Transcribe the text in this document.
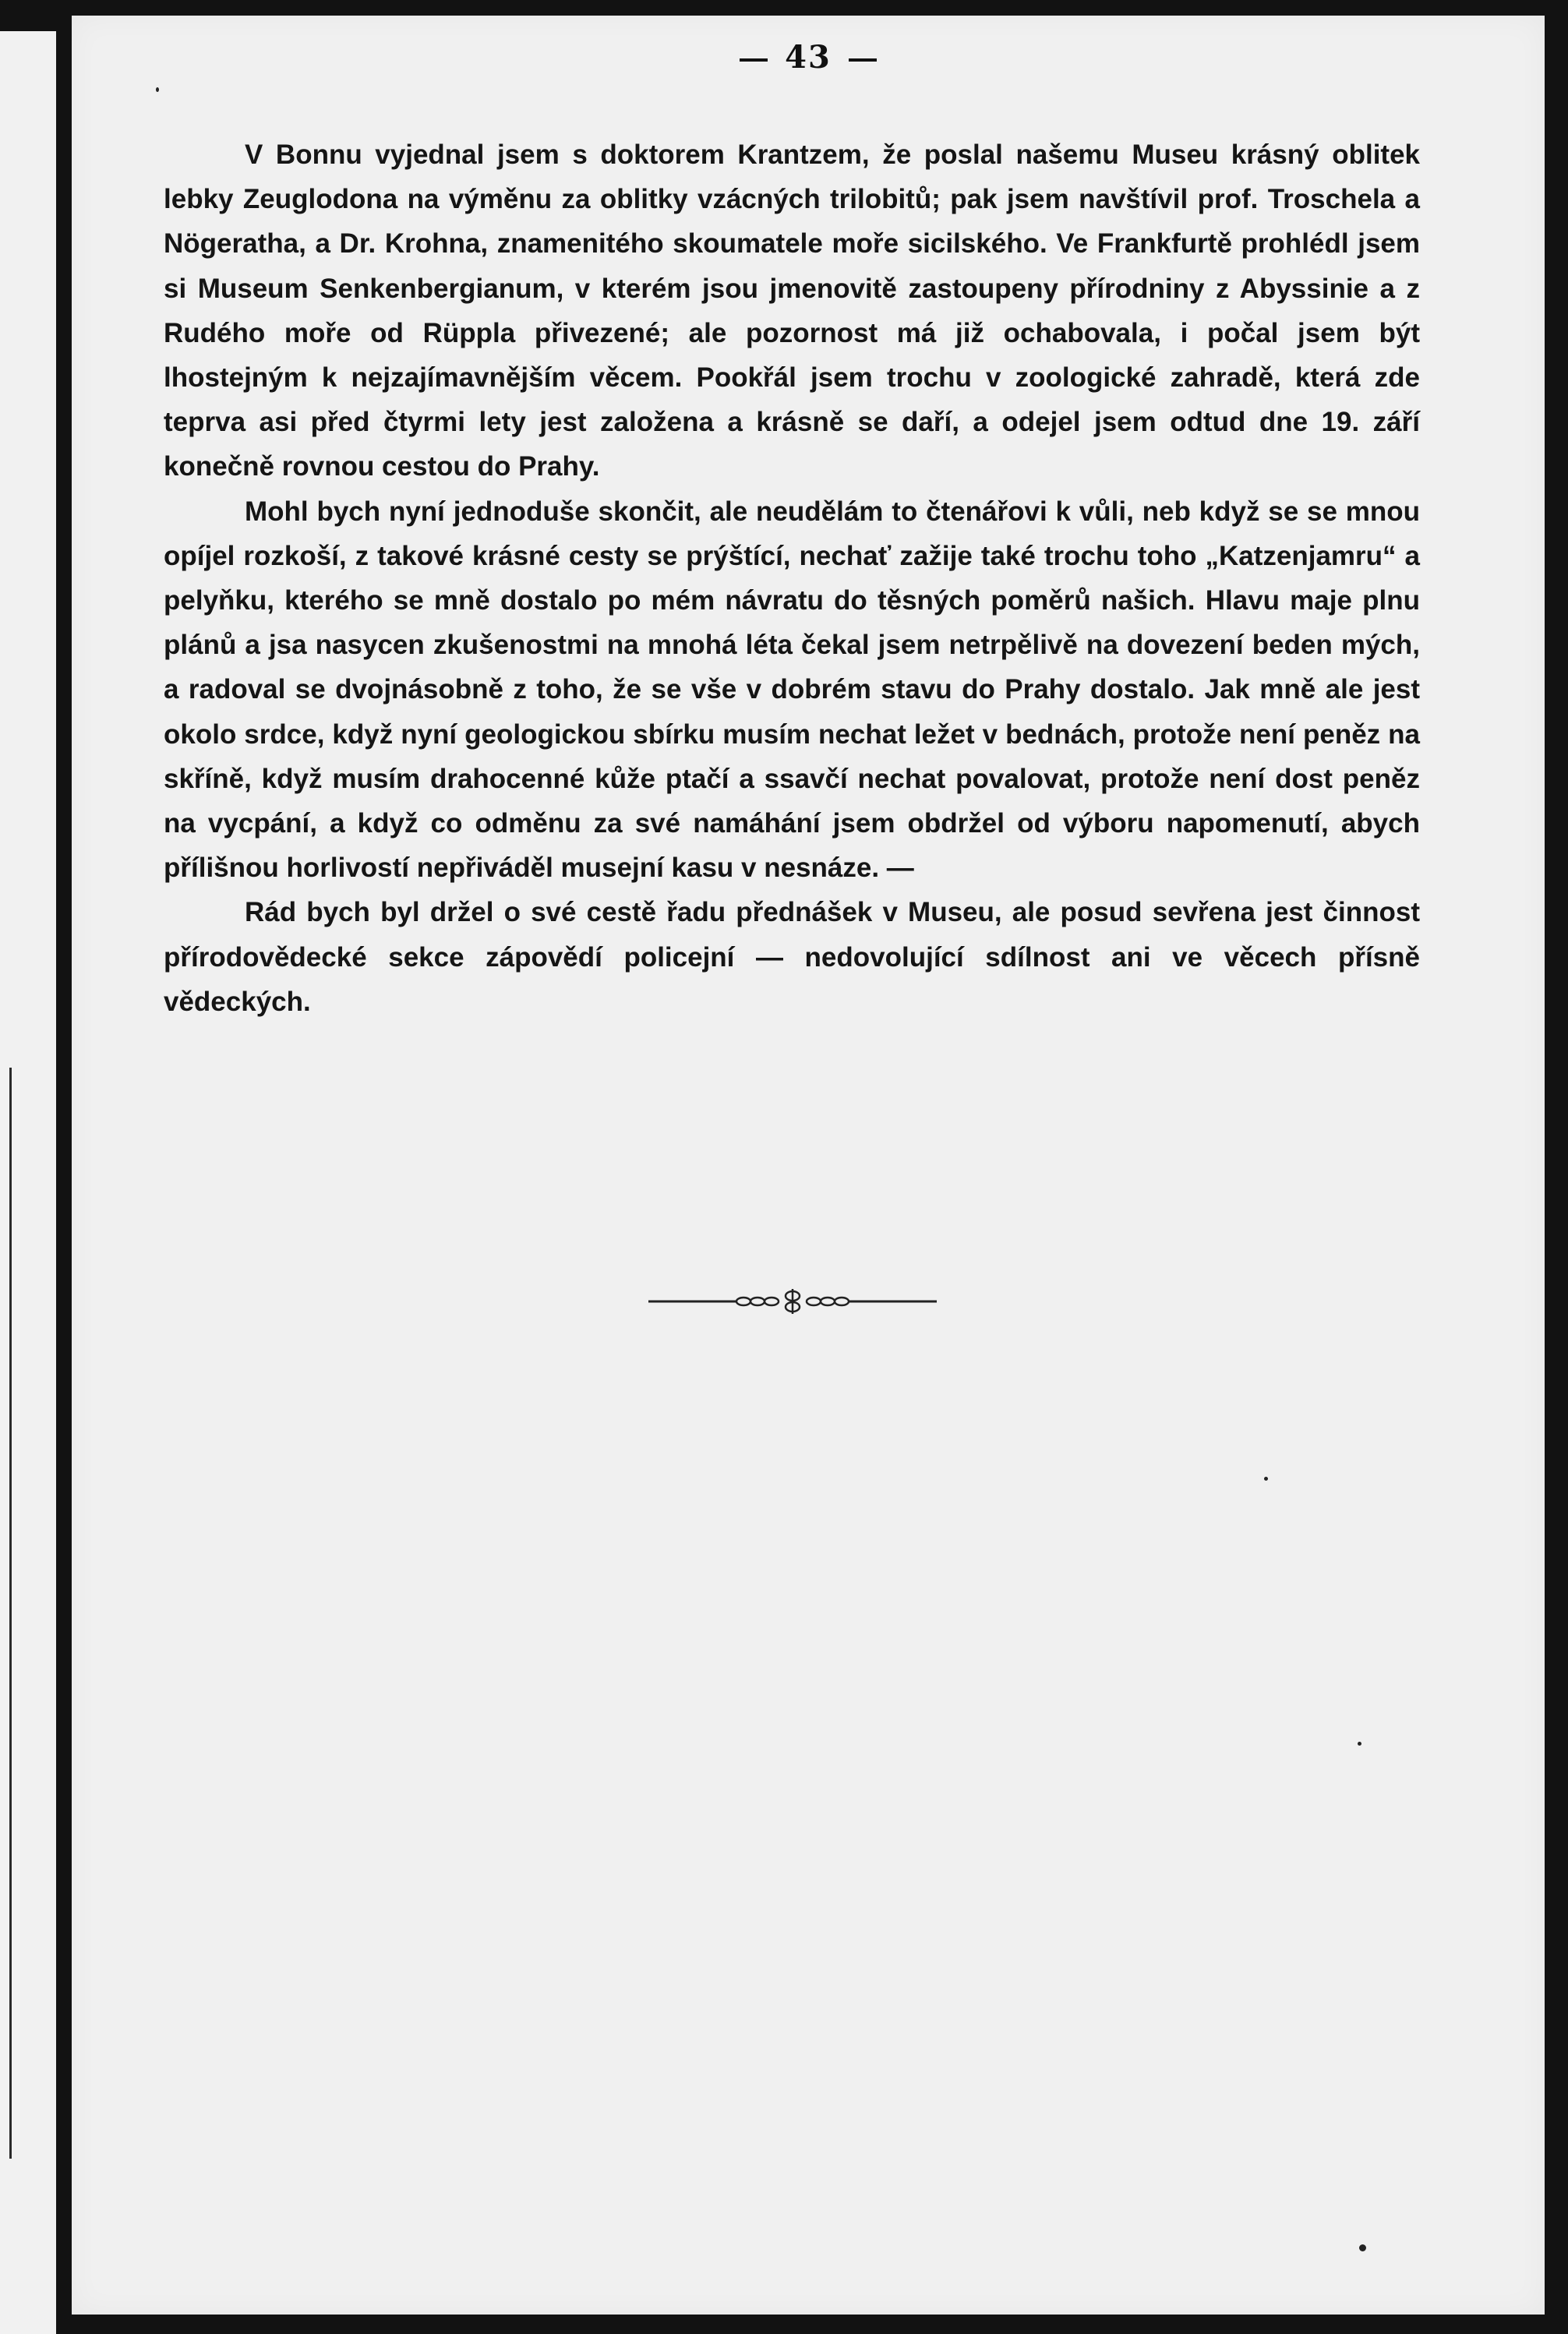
43

V Bonnu vyjednal jsem s doktorem Krantzem, že poslal našemu Museu krásný oblitek lebky Zeuglodona na výměnu za oblitky vzácných trilobitů; pak jsem navštívil prof. Troschela a Nögeratha, a Dr. Krohna, znamenitého skoumatele moře sicilského. Ve Frankfurtě prohlédl jsem si Museum Senkenbergianum, v kterém jsou jmenovitě zastoupeny přírodniny z Abyssinie a z Rudého moře od Rüppla přivezené; ale pozornost má již ochabovala, i počal jsem být lhostejným k nejzajímavnějším věcem. Pookřál jsem trochu v zoologické zahradě, která zde teprva asi před čtyrmi lety jest založena a krásně se daří, a odejel jsem odtud dne 19. září konečně rovnou cestou do Prahy.

Mohl bych nyní jednoduše skončit, ale neudělám to čtenářovi k vůli, neb když se se mnou opíjel rozkoší, z takové krásné cesty se prýštící, nechať zažije také trochu toho „Katzenjamru“ a pelyňku, kterého se mně dostalo po mém návratu do těsných poměrů našich. Hlavu maje plnu plánů a jsa nasycen zkušenostmi na mnohá léta čekal jsem netrpělivě na dovezení beden mých, a radoval se dvojnásobně z toho, že se vše v dobrém stavu do Prahy dostalo. Jak mně ale jest okolo srdce, když nyní geologickou sbírku musím nechat ležet v bednách, protože není peněz na skříně, když musím drahocenné kůže ptačí a ssavčí nechat povalovat, protože není dost peněz na vycpání, a když co odměnu za své namáhání jsem obdržel od výboru napomenutí, abych přílišnou horlivostí nepřiváděl musejní kasu v nesnáze. —

Rád bych byl držel o své cestě řadu přednášek v Museu, ale posud sevřena jest činnost přírodovědecké sekce zápovědí policejní — nedovolující sdílnost ani ve věcech přísně vědeckých.
